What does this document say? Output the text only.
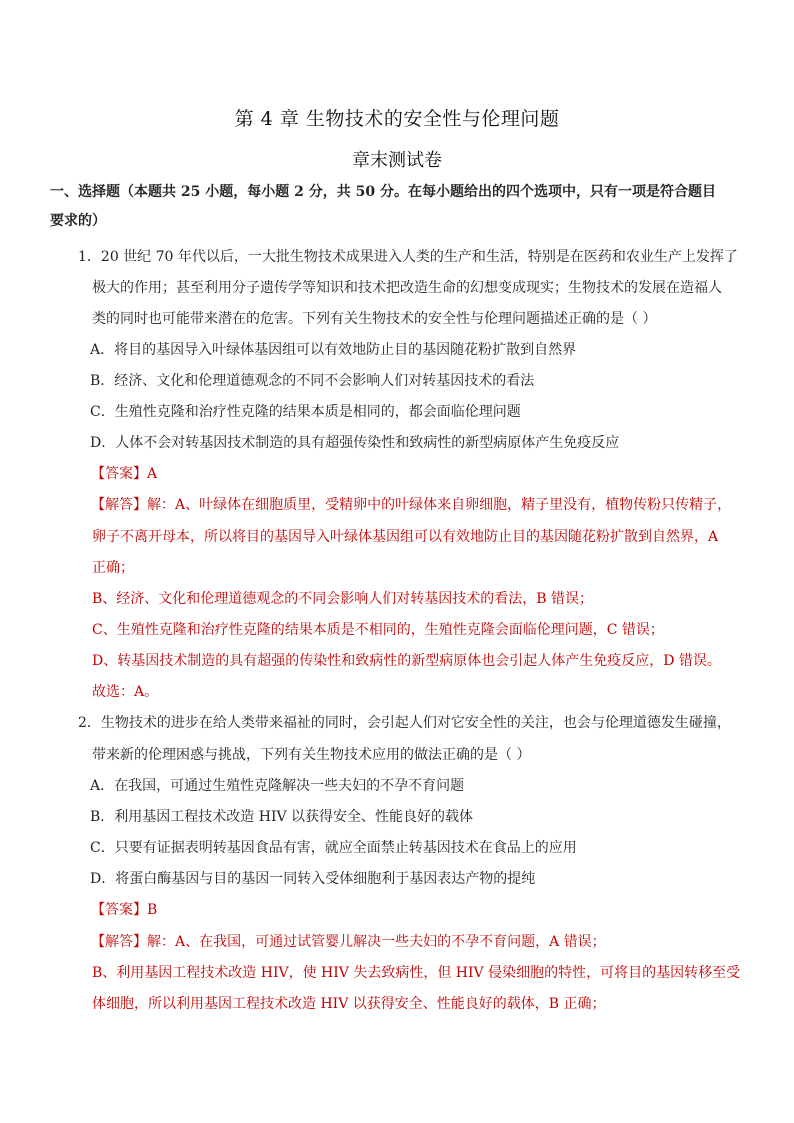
第 4 章 生物技术的安全性与伦理问题
章末测试卷
一、选择题（本题共 25 小题，每小题 2 分，共 50 分。在每小题给出的四个选项中，只有一项是符合题目
要求的）
1．20 世纪 70 年代以后，一大批生物技术成果进入人类的生产和生活，特别是在医药和农业生产上发挥了
极大的作用；甚至利用分子遗传学等知识和技术把改造生命的幻想变成现实；生物技术的发展在造福人
类的同时也可能带来潜在的危害。下列有关生物技术的安全性与伦理问题描述正确的是（ ）
A．将目的基因导入叶绿体基因组可以有效地防止目的基因随花粉扩散到自然界
B．经济、文化和伦理道德观念的不同不会影响人们对转基因技术的看法
C．生殖性克隆和治疗性克隆的结果本质是相同的，都会面临伦理问题
D．人体不会对转基因技术制造的具有超强传染性和致病性的新型病原体产生免疫反应
【答案】A
【解答】解：A、叶绿体在细胞质里，受精卵中的叶绿体来自卵细胞，精子里没有，植物传粉只传精子，
卵子不离开母本，所以将目的基因导入叶绿体基因组可以有效地防止目的基因随花粉扩散到自然界，A
正确；
B、经济、文化和伦理道德观念的不同会影响人们对转基因技术的看法，B 错误；
C、生殖性克隆和治疗性克隆的结果本质是不相同的，生殖性克隆会面临伦理问题，C 错误；
D、转基因技术制造的具有超强的传染性和致病性的新型病原体也会引起人体产生免疫反应，D 错误。
故选：A。
2．生物技术的进步在给人类带来福祉的同时，会引起人们对它安全性的关注，也会与伦理道德发生碰撞，
带来新的伦理困惑与挑战，下列有关生物技术应用的做法正确的是（ ）
A．在我国，可通过生殖性克隆解决一些夫妇的不孕不育问题
B．利用基因工程技术改造 HIV 以获得安全、性能良好的载体
C．只要有证据表明转基因食品有害，就应全面禁止转基因技术在食品上的应用
D．将蛋白酶基因与目的基因一同转入受体细胞利于基因表达产物的提纯
【答案】B
【解答】解：A、在我国，可通过试管婴儿解决一些夫妇的不孕不育问题，A 错误；
B、利用基因工程技术改造 HIV，使 HIV 失去致病性，但 HIV 侵染细胞的特性，可将目的基因转移至受
体细胞，所以利用基因工程技术改造 HIV 以获得安全、性能良好的载体，B 正确；
